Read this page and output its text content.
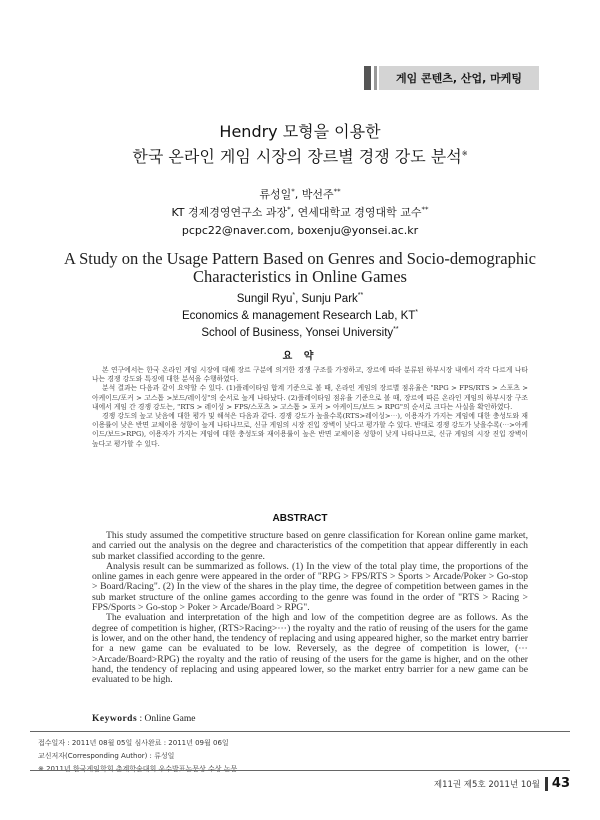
게임 콘텐츠, 산업, 마케팅
Hendry 모형을 이용한
한국 온라인 게임 시장의 장르별 경쟁 강도 분석※
류성일*, 박선주**
KT 경제경영연구소 과장*, 연세대학교 경영대학 교수**
pcpc22@naver.com, boxenju@yonsei.ac.kr
A Study on the Usage Pattern Based on Genres and Socio-demographic
Characteristics in Online Games
Sungil Ryu*, Sunju Park**
Economics & management Research Lab, KT*
School of Business, Yonsei University**
요 약

본 연구에서는 한국 온라인 게임 시장에 대해 장르 구분에 의거한 경쟁 구조를 가정하고, 장르에 따라 분류된 하부시장 내에서 각각 다르게 나타나는 경쟁 강도와 특징에 대한 분석을 수행하였다.

분석 결과는 다음과 같이 요약할 수 있다. (1)플레이타임 합계 기준으로 볼 때, 온라인 게임의 장르별 점유율은 "RPG > FPS/RTS > 스포츠 > 아케이드/포커 > 고스톱 >보드/레이싱"의 순서로 높게 나타났다. (2)플레이타임 점유율 기준으로 볼 때, 장르에 따른 온라인 게임의 하부시장 구조 내에서 게임 간 경쟁 강도는, "RTS > 레이싱 > FPS/스포츠 > 고스톱 > 포커 > 아케이드/보드 > RPG"의 순서로 크다는 사실을 확인하였다.

경쟁 강도의 높고 낮음에 대한 평가 및 해석은 다음과 같다. 경쟁 강도가 높을수록(RTS>레이싱>⋯), 이용자가 가지는 게임에 대한 충성도와 재이용률이 낮은 반면 교체이용 성향이 높게 나타나므로, 신규 게임의 시장 진입 장벽이 낮다고 평가할 수 있다. 반대로 경쟁 강도가 낮을수록(⋯>아케이드/보드>RPG), 이용자가 가지는 게임에 대한 충성도와 재이용률이 높은 반면 교체이용 성향이 낮게 나타나므로, 신규 게임의 시장 진입 장벽이 높다고 평가할 수 있다.

ABSTRACT

This study assumed the competitive structure based on genre classification for Korean online game market, and carried out the analysis on the degree and characteristics of the competition that appear differently in each sub market classified according to the genre.

Analysis result can be summarized as follows. (1) In the view of the total play time, the proportions of the online games in each genre were appeared in the order of "RPG > FPS/RTS > Sports > Arcade/Poker > Go-stop > Board/Racing". (2) In the view of the shares in the play time, the degree of competition between games in the sub market structure of the online games according to the genre was found in the order of "RTS > Racing > FPS/Sports > Go-stop > Poker > Arcade/Board > RPG".

The evaluation and interpretation of the high and low of the competition degree are as follows. As the degree of competition is higher, (RTS>Racing>⋯) the royalty and the ratio of reusing of the users for the game is lower, and on the other hand, the tendency of replacing and using appeared higher, so the market entry barrier for a new game can be evaluated to be low. Reversely, as the degree of competition is lower, (⋯>Arcade/Board>RPG) the royalty and the ratio of reusing of the users for the game is higher, and on the other hand, the tendency of replacing and using appeared lower, so the market entry barrier for a new game can be evaluated to be high.

Keywords : Online Game
접수일자 : 2011년 08월 05일 심사완료 : 2011년 09월 06일
교신저자(Corresponding Author) : 류성일
※ 2011년 한국게임학회 춘계학술대회 우수발표논문상 수상 논문
제11권 제5호 2011년 10월 43
